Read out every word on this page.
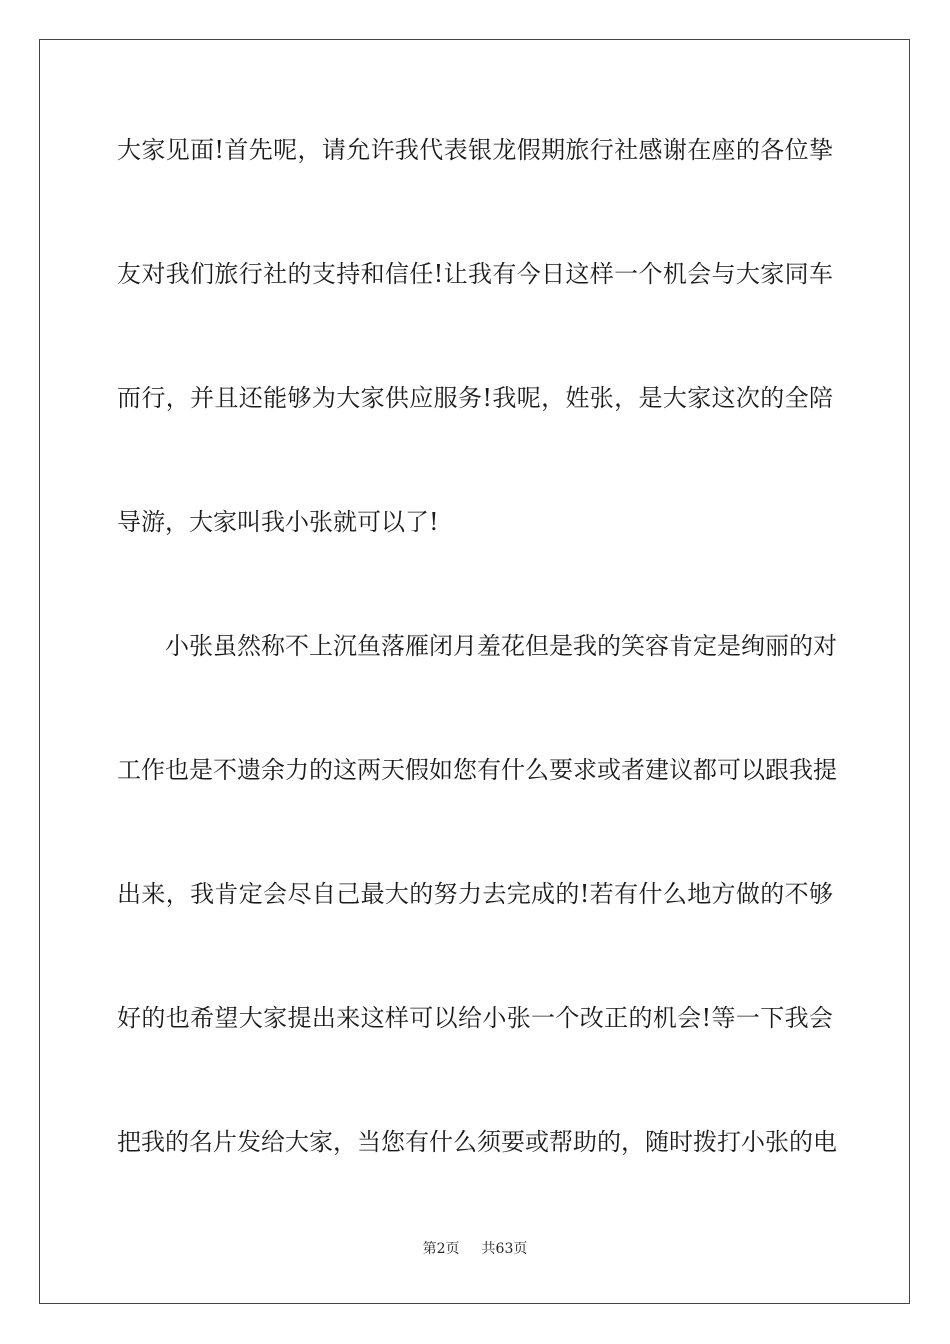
大家见面!首先呢，请允许我代表银龙假期旅行社感谢在座的各位挚
友对我们旅行社的支持和信任!让我有今日这样一个机会与大家同车
而行，并且还能够为大家供应服务!我呢，姓张，是大家这次的全陪
导游，大家叫我小张就可以了!
小张虽然称不上沉鱼落雁闭月羞花但是我的笑容肯定是绚丽的对
工作也是不遗余力的这两天假如您有什么要求或者建议都可以跟我提
出来，我肯定会尽自己最大的努力去完成的!若有什么地方做的不够
好的也希望大家提出来这样可以给小张一个改正的机会!等一下我会
把我的名片发给大家，当您有什么须要或帮助的，随时拨打小张的电
第2页 共63页
